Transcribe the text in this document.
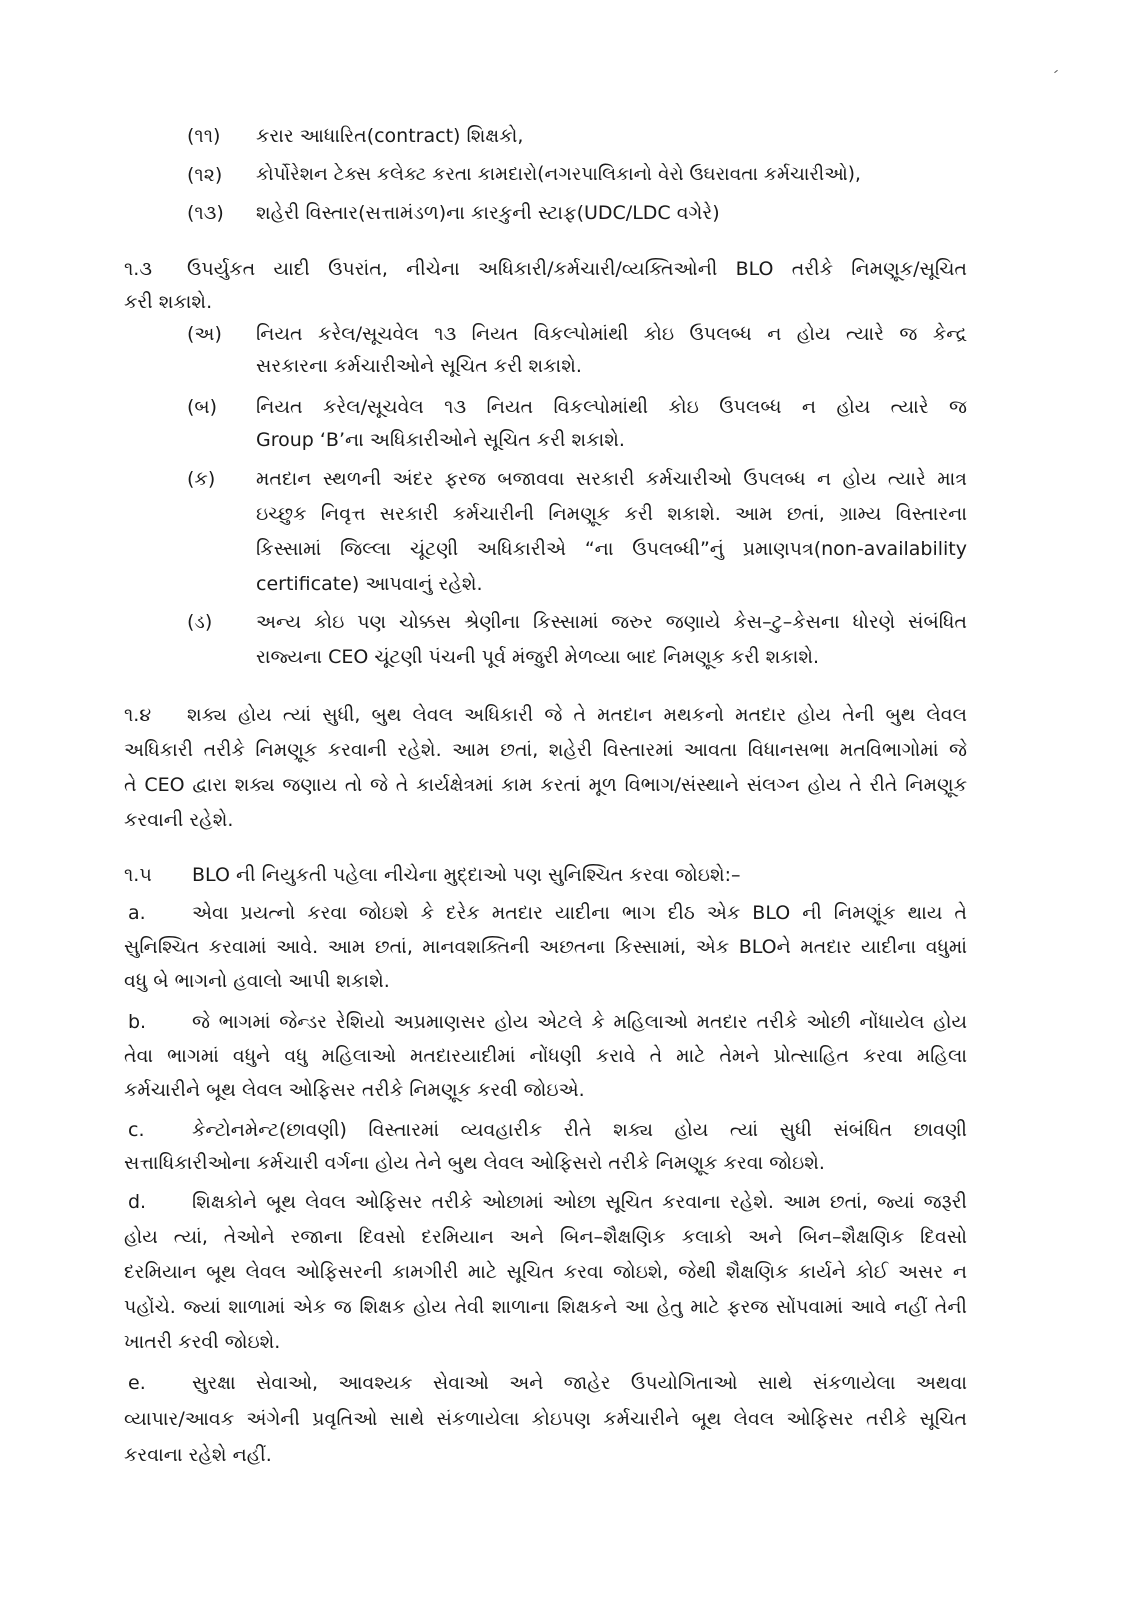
(૧૧) કરાર આધારિત(contract) શિક્ષકો,
(૧૨) કોર્પોરેશન ટેક્સ કલેક્ટ કરતા કામદારો(નગરપાલિકાનો વેરો ઉઘરાવતા કર્મચારીઓ),
(૧૩) શહેરી વિસ્તાર(સત્તામંડળ)ના કારકુની સ્ટાફ(UDC/LDC વગેરે)
૧.૩ ઉપર્યુકત યાદી ઉપરાંત, નીચેના અધિકારી/કર્મચારી/વ્યક્તિઓની BLO તરીકે નિમણૂક/સૂચિત
કરી શકાશે.
(અ) નિયત કરેલ/સૂચવેલ ૧૩ નિયત વિકલ્પોમાંથી કોઇ ઉપલબ્ધ ન હોય ત્યારે જ કેન્દ્ર
સરકારના કર્મચારીઓને સૂચિત કરી શકાશે.
(બ) નિયત કરેલ/સૂચવેલ ૧૩ નિયત વિકલ્પોમાંથી કોઇ ઉપલબ્ધ ન હોય ત્યારે જ
Group ‘B’ના અધિકારીઓને સૂચિત કરી શકાશે.
(ક) મતદાન સ્થળની અંદર ફરજ બજાવવા સરકારી કર્મચારીઓ ઉપલબ્ધ ન હોય ત્યારે માત્ર
ઇચ્છુક નિવૃત્ત સરકારી કર્મચારીની નિમણૂક કરી શકાશે. આમ છતાં, ગ્રામ્ય વિસ્તારના
કિસ્સામાં જિલ્લા ચૂંટણી અધિકારીએ “ના ઉપલબ્ધી”નું પ્રમાણપત્ર(non-availability
certificate) આપવાનું રહેશે.
(ડ) અન્ય કોઇ પણ ચોક્કસ શ્રેણીના કિસ્સામાં જરુર જણાયે કેસ–ટુ–કેસના ધોરણે સંબંધિત
રાજ્યના CEO ચૂંટણી પંચની પૂર્વ મંજુરી મેળવ્યા બાદ નિમણૂક કરી શકાશે.
૧.૪ શક્ય હોય ત્યાં સુધી, બુથ લેવલ અધિકારી જે તે મતદાન મથકનો મતદાર હોય તેની બુથ લેવલ
અધિકારી તરીકે નિમણૂક કરવાની રહેશે. આમ છતાં, શહેરી વિસ્તારમાં આવતા વિધાનસભા મતવિભાગોમાં જે
તે CEO દ્વારા શક્ય જણાય તો જે તે કાર્યક્ષેત્રમાં કામ કરતાં મૂળ વિભાગ/સંસ્થાને સંલગ્ન હોય તે રીતે નિમણૂક
કરવાની રહેશે.
૧.૫ BLO ની નિયુકતી પહેલા નીચેના મુદ્દાઓ પણ સુનિશ્ચિત કરવા જોઇશે:–
a. એવા પ્રયત્નો કરવા જોઇશે કે દરેક મતદાર યાદીના ભાગ દીઠ એક BLO ની નિમણૂંક થાય તે
સુનિશ્ચિત કરવામાં આવે. આમ છતાં, માનવશક્તિની અછતના કિસ્સામાં, એક BLOને મતદાર યાદીના વધુમાં
વધુ બે ભાગનો હવાલો આપી શકાશે.
b. જે ભાગમાં જેન્ડર રેશિયો અપ્રમાણસર હોય એટલે કે મહિલાઓ મતદાર તરીકે ઓછી નોંધાયેલ હોય
તેવા ભાગમાં વધુને વધુ મહિલાઓ મતદારયાદીમાં નોંધણી કરાવે તે માટે તેમને પ્રોત્સાહિત કરવા મહિલા
કર્મચારીને બૂથ લેવલ ઓફિસર તરીકે નિમણૂક કરવી જોઇએ.
c.	કેન્ટોનમેન્ટ(છાવણી) વિસ્તારમાં વ્યવહારીક રીતે શક્ય હોય ત્યાં સુધી સંબંધિત છાવણી
સત્તાધિકારીઓના કર્મચારી વર્ગના હોય તેને બુથ લેવલ ઓફિસરો તરીકે નિમણૂક કરવા જોઇશે.
d. શિક્ષકોને બૂથ લેવલ ઓફિસર તરીકે ઓછામાં ઓછા સૂચિત કરવાના રહેશે. આમ છતાં, જ્યાં જરૂરી
હોય ત્યાં, તેઓને રજાના દિવસો દરમિયાન અને બિન–શૈક્ષણિક કલાકો અને બિન–શૈક્ષણિક દિવસો
દરમિયાન બૂથ લેવલ ઓફિસરની કામગીરી માટે સૂચિત કરવા જોઇશે, જેથી શૈક્ષણિક કાર્યને કોઈ અસર ન
પહોંચે. જ્યાં શાળામાં એક જ શિક્ષક હોય તેવી શાળાના શિક્ષકને આ હેતુ માટે ફરજ સોંપવામાં આવે નહીં તેની
ખાતરી કરવી જોઇશે.
e. સુરક્ષા સેવાઓ, આવશ્યક સેવાઓ અને જાહેર ઉપયોગિતાઓ સાથે સંકળાયેલા અથવા
વ્યાપાર/આવક અંગેની પ્રવૃતિઓ સાથે સંકળાયેલા કોઇપણ કર્મચારીને બૂથ લેવલ ઓફિસર તરીકે સૂચિત
કરવાના રહેશે નહીં.
